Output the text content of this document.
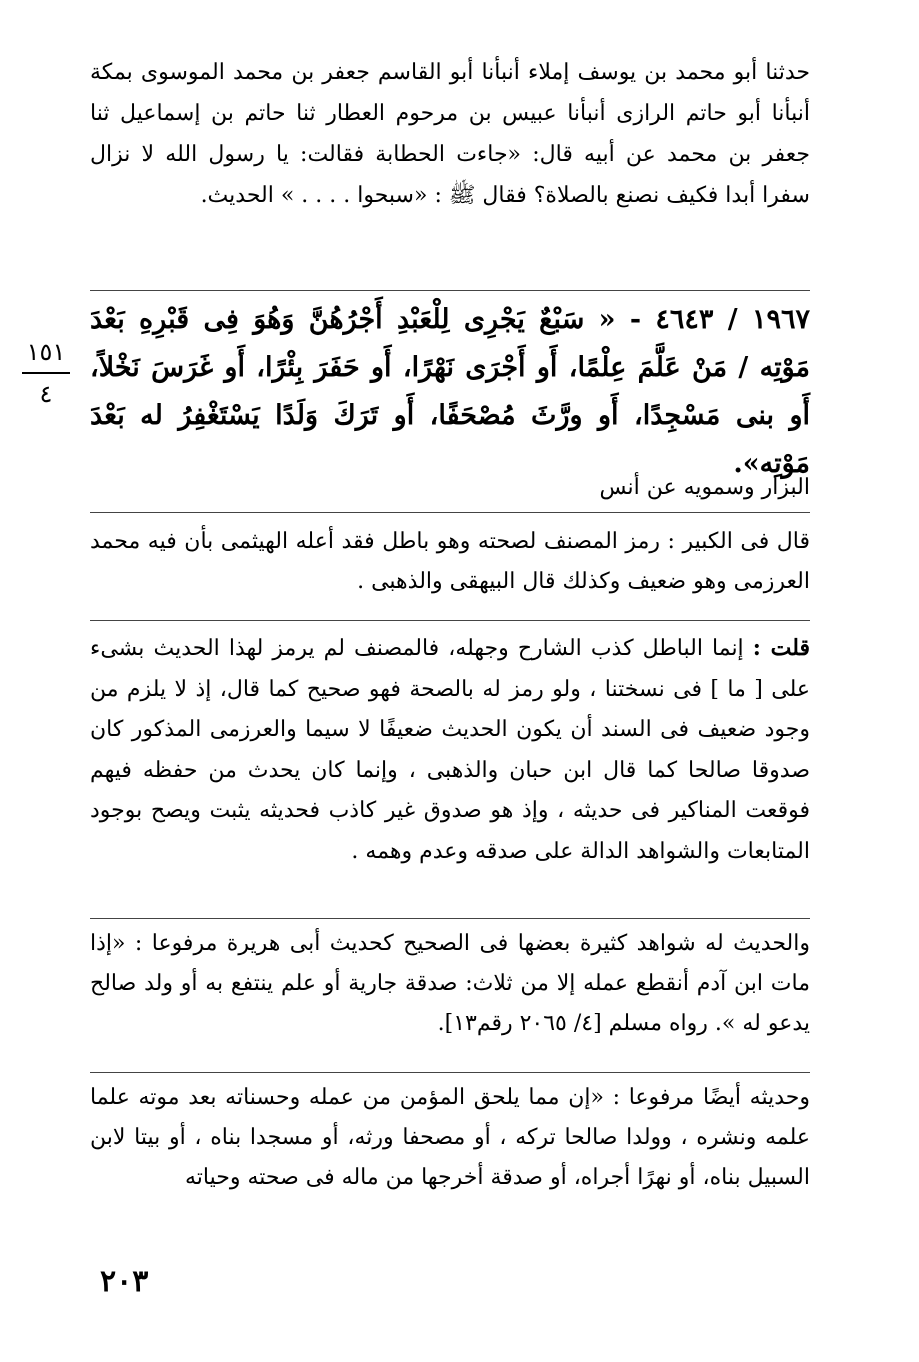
حدثنا أبو محمد بن يوسف إملاء أنبأنا أبو القاسم جعفر بن محمد الموسوى بمكة أنبأنا أبو حاتم الرازى أنبأنا عبيس بن مرحوم العطار ثنا حاتم بن إسماعيل ثنا جعفر بن محمد عن أبيه قال: «جاءت الحطابة فقالت: يا رسول الله لا نزال سفرا أبدا فكيف نصنع بالصلاة؟ فقال ﷺ : «سبحوا . . . . » الحديث.

١٥١
٤
١٩٦٧ / ٤٦٤٣ - « سَبْعٌ يَجْرِى لِلْعَبْدِ أَجْرُهُنَّ وَهُوَ فِى قَبْرِهِ بَعْدَ مَوْتِه / مَنْ عَلَّمَ عِلْمًا، أَو أَجْرَى نَهْرًا، أَو حَفَرَ بِئْرًا، أَو غَرَسَ نَخْلاً، أَو بنى مَسْجِدًا، أَو ورَّثَ مُصْحَفًا، أَو تَرَكَ وَلَدًا يَسْتَغْفِرُ له بَعْدَ مَوْتِه».
البزار وسمويه عن أنس

قال فى الكبير : رمز المصنف لصحته وهو باطل فقد أعله الهيثمى بأن فيه محمد العرزمى وهو ضعيف وكذلك قال البيهقى والذهبى .

قلت : إنما الباطل كذب الشارح وجهله، فالمصنف لم يرمز لهذا الحديث بشىء على [ ما ] فى نسختنا ، ولو رمز له بالصحة فهو صحيح كما قال، إذ لا يلزم من وجود ضعيف فى السند أن يكون الحديث ضعيفًا لا سيما والعرزمى المذكور كان صدوقا صالحا كما قال ابن حبان والذهبى ، وإنما كان يحدث من حفظه فيهم فوقعت المناكير فى حديثه ، وإذ هو صدوق غير كاذب فحديثه يثبت ويصح بوجود المتابعات والشواهد الدالة على صدقه وعدم وهمه .

والحديث له شواهد كثيرة بعضها فى الصحيح كحديث أبى هريرة مرفوعا : «إذا مات ابن آدم أنقطع عمله إلا من ثلاث: صدقة جارية أو علم ينتفع به أو ولد صالح يدعو له ». رواه مسلم [٤/ ٢٠٦٥ رقم١٣].

وحديثه أيضًا مرفوعا : «إن مما يلحق المؤمن من عمله وحسناته بعد موته علما علمه ونشره ، وولدا صالحا تركه ، أو مصحفا ورثه، أو مسجدا بناه ، أو بيتا لابن السبيل بناه، أو نهرًا أجراه، أو صدقة أخرجها من ماله فى صحته وحياته

٢٠٣
